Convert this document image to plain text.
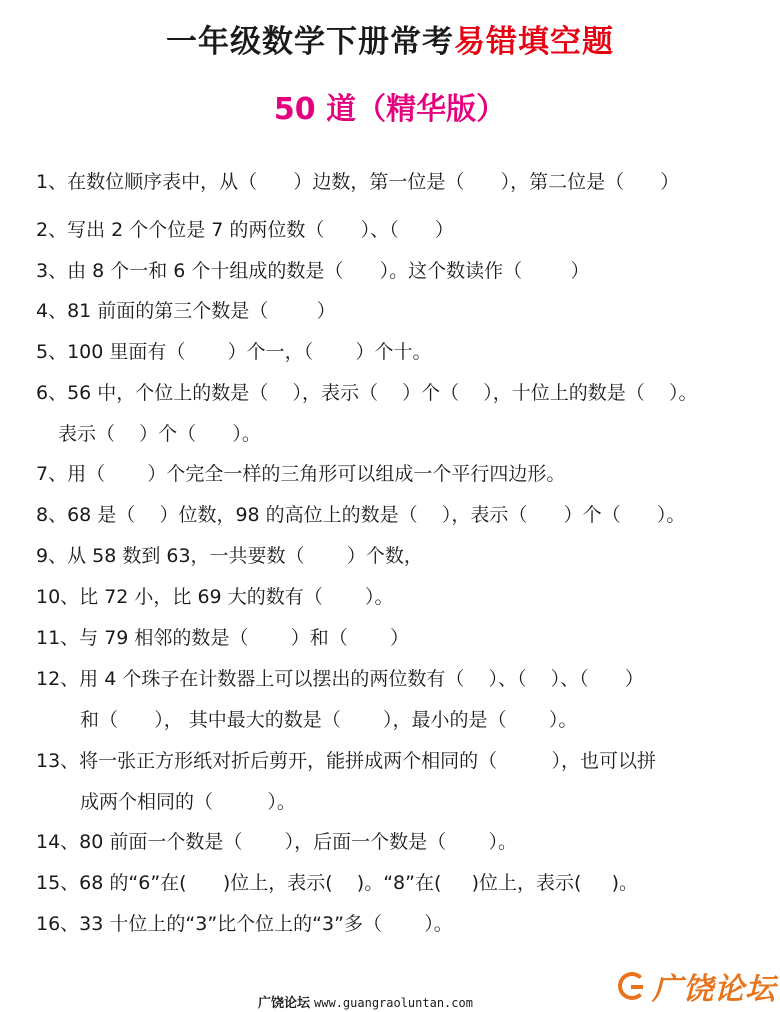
一年级数学下册常考易错填空题
50 道（精华版）
1、在数位顺序表中，从（      ）边数，第一位是（      ），第二位是（      ）
2、写出 2 个个位是 7 的两位数（      ）、（      ）
3、由 8 个一和 6 个十组成的数是（      ）。这个数读作（        ）
4、81 前面的第三个数是（        ）
5、100 里面有（       ）个一，（       ）个十。
6、56 中，个位上的数是（    ），表示（    ）个（    ），十位上的数是（    ）。
表示（    ）个（      ）。
7、用（       ）个完全一样的三角形可以组成一个平行四边形。
8、68 是（    ）位数，98 的高位上的数是（    ），表示（      ）个（      ）。
9、从 58 数到 63，一共要数（       ）个数，
10、比 72 小，比 69 大的数有（       ）。
11、与 79 相邻的数是（       ）和（       ）
12、用 4 个珠子在计数器上可以摆出的两位数有（    ）、（    ）、（      ）
和（      ）， 其中最大的数是（       ），最小的是（       ）。
13、将一张正方形纸对折后剪开，能拼成两个相同的（         ），也可以拼
成两个相同的（         ）。
14、80 前面一个数是（       ），后面一个数是（       ）。
15、68 的“6”在(      )位上，表示(    )。“8”在(     )位上，表示(     )。
16、33 十位上的“3”比个位上的“3”多（       ）。
广饶论坛 www.guangraoluntan.com	广饶论坛
